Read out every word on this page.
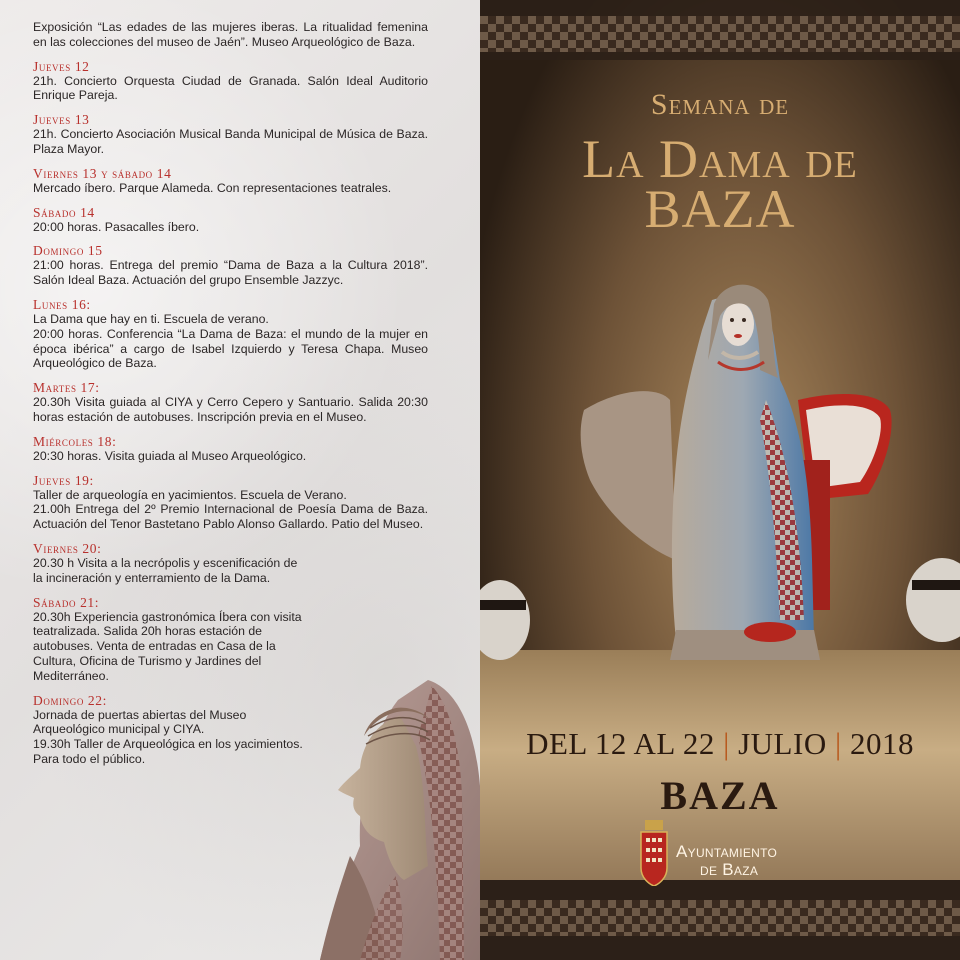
Exposición “Las edades de las mujeres iberas. La ritualidad femenina en las colecciones del museo de Jaén”. Museo Arqueológico de Baza.
Jueves 12
21h. Concierto Orquesta Ciudad de Granada. Salón Ideal Auditorio Enrique Pareja.
Jueves 13
21h. Concierto Asociación Musical Banda Municipal de Música de Baza. Plaza Mayor.
Viernes 13 y sábado 14
Mercado íbero. Parque Alameda. Con representaciones teatrales.
Sábado 14
20:00 horas. Pasacalles íbero.
Domingo 15
21:00 horas. Entrega del premio “Dama de Baza a la Cultura 2018”. Salón Ideal Baza. Actuación del grupo Ensemble Jazzyc.
Lunes 16:
La Dama que hay en ti. Escuela de verano.
20:00 horas. Conferencia “La Dama de Baza: el mundo de la mujer en época ibérica” a cargo de Isabel Izquierdo y Teresa Chapa. Museo Arqueológico de Baza.
Martes 17:
20.30h Visita guiada al CIYA y Cerro Cepero y Santuario. Salida 20:30 horas estación de autobuses. Inscripción previa en el Museo.
Miércoles 18:
20:30 horas. Visita guiada al Museo Arqueológico.
Jueves 19:
Taller de arqueología en yacimientos. Escuela de Verano.
21.00h Entrega del 2º Premio Internacional de Poesía Dama de Baza. Actuación del Tenor Bastetano Pablo Alonso Gallardo. Patio del Museo.
Viernes 20:
20.30 h Visita a la necrópolis y escenificación de la incineración y enterramiento de la Dama.
Sábado 21:
20.30h Experiencia gastronómica Íbera con visita teatralizada. Salida 20h horas estación de autobuses. Venta de entradas en Casa de la Cultura, Oficina de Turismo y Jardines del Mediterráneo.
Domingo 22:
Jornada de puertas abiertas del Museo Arqueológico municipal y CIYA.
19.30h Taller de Arqueológica en los yacimientos. Para todo el público.
Semana de
La Dama de
BAZA
DEL 12 AL 22 | JULIO | 2018
BAZA
Ayuntamiento
de Baza
